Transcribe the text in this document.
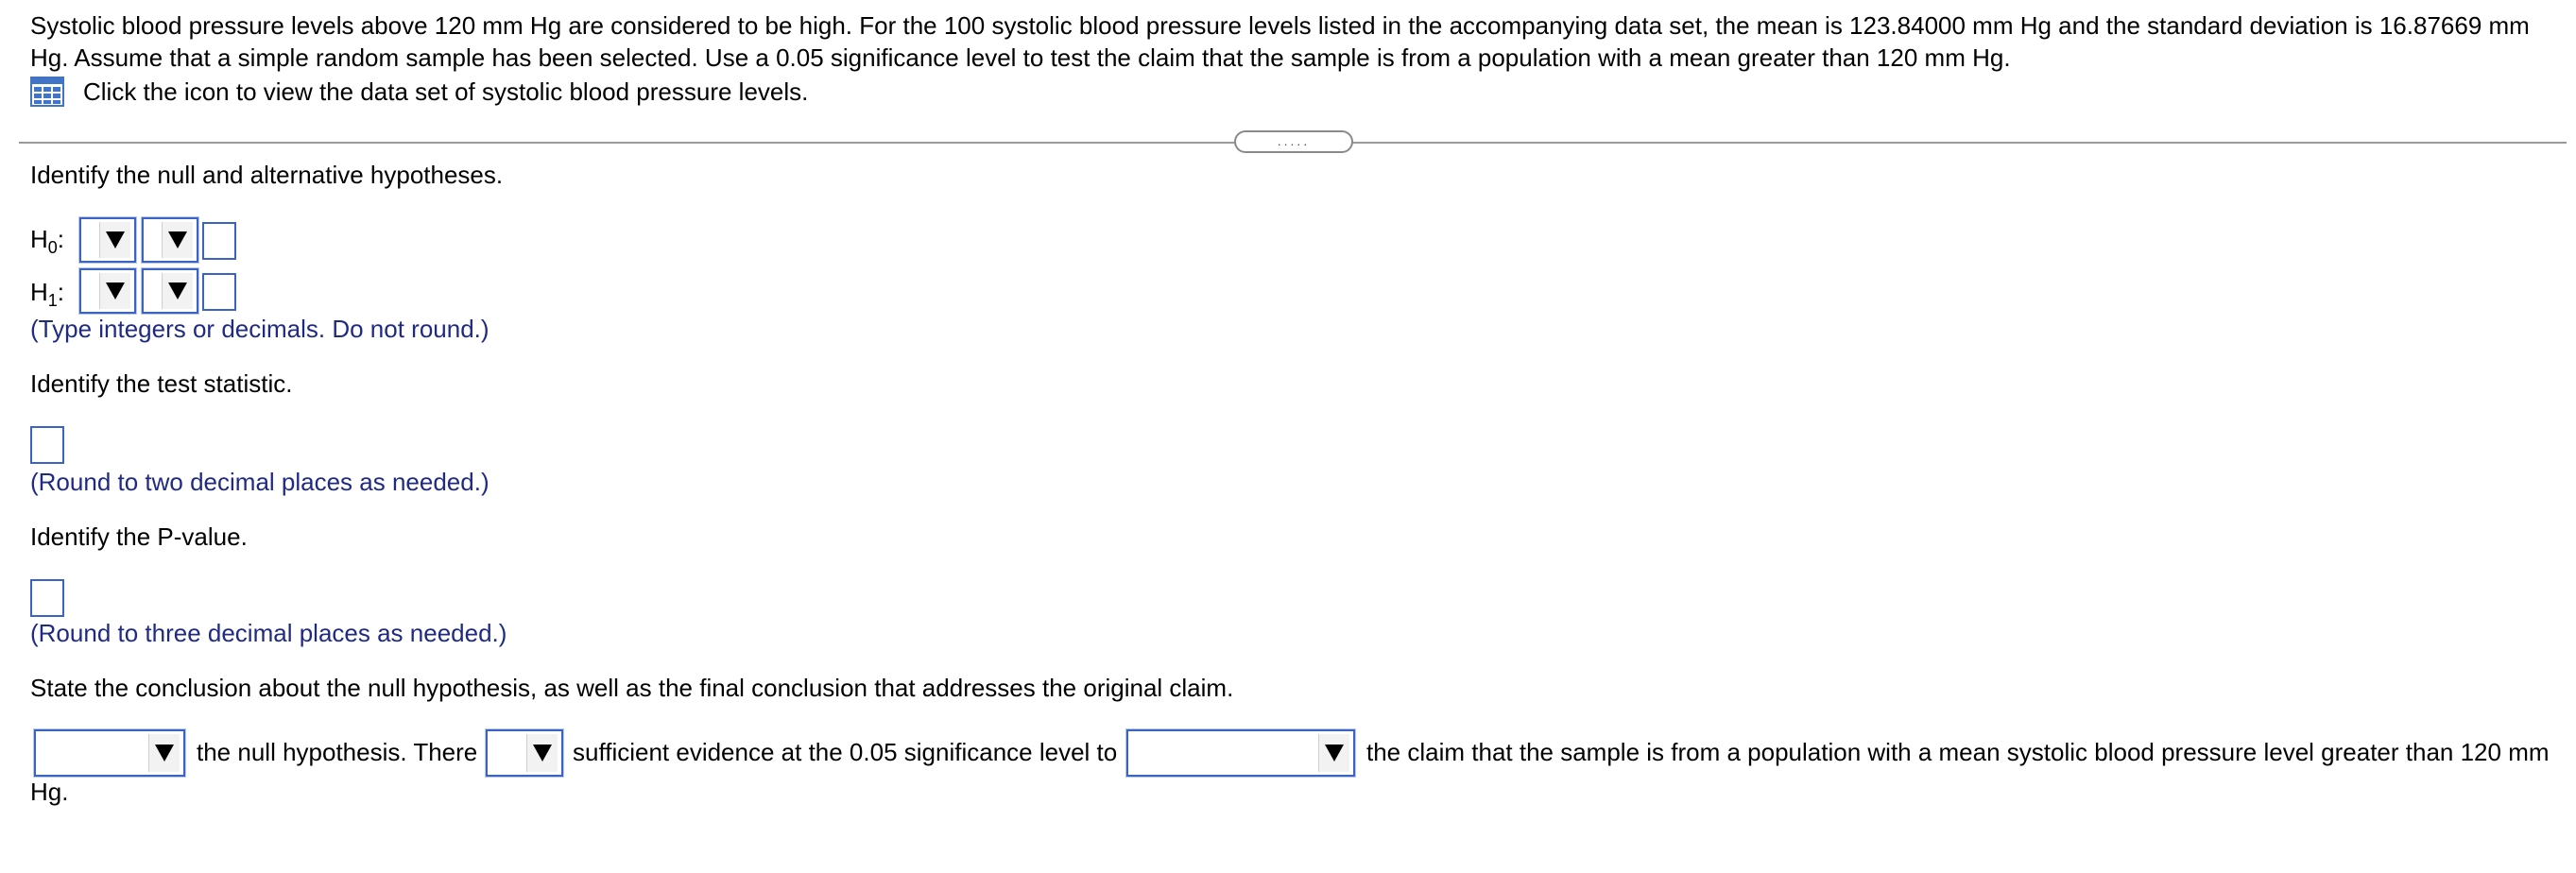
Systolic blood pressure levels above 120 mm Hg are considered to be high. For the 100 systolic blood pressure levels listed in the accompanying data set, the mean is 123.84000 mm Hg and the standard deviation is 16.87669 mm Hg. Assume that a simple random sample has been selected. Use a 0.05 significance level to test the claim that the sample is from a population with a mean greater than 120 mm Hg.
Click the icon to view the data set of systolic blood pressure levels.
.....
Identify the null and alternative hypotheses.
$H_0$:
$H_1$:
(Type integers or decimals. Do not round.)
Identify the test statistic.
(Round to two decimal places as needed.)
Identify the P-value.
(Round to three decimal places as needed.)
State the conclusion about the null hypothesis, as well as the final conclusion that addresses the original claim.
the null hypothesis. There	sufficient evidence at the 0.05 significance level to	the claim that the sample is from a population with a mean systolic blood pressure level greater than 120 mm
Hg.
